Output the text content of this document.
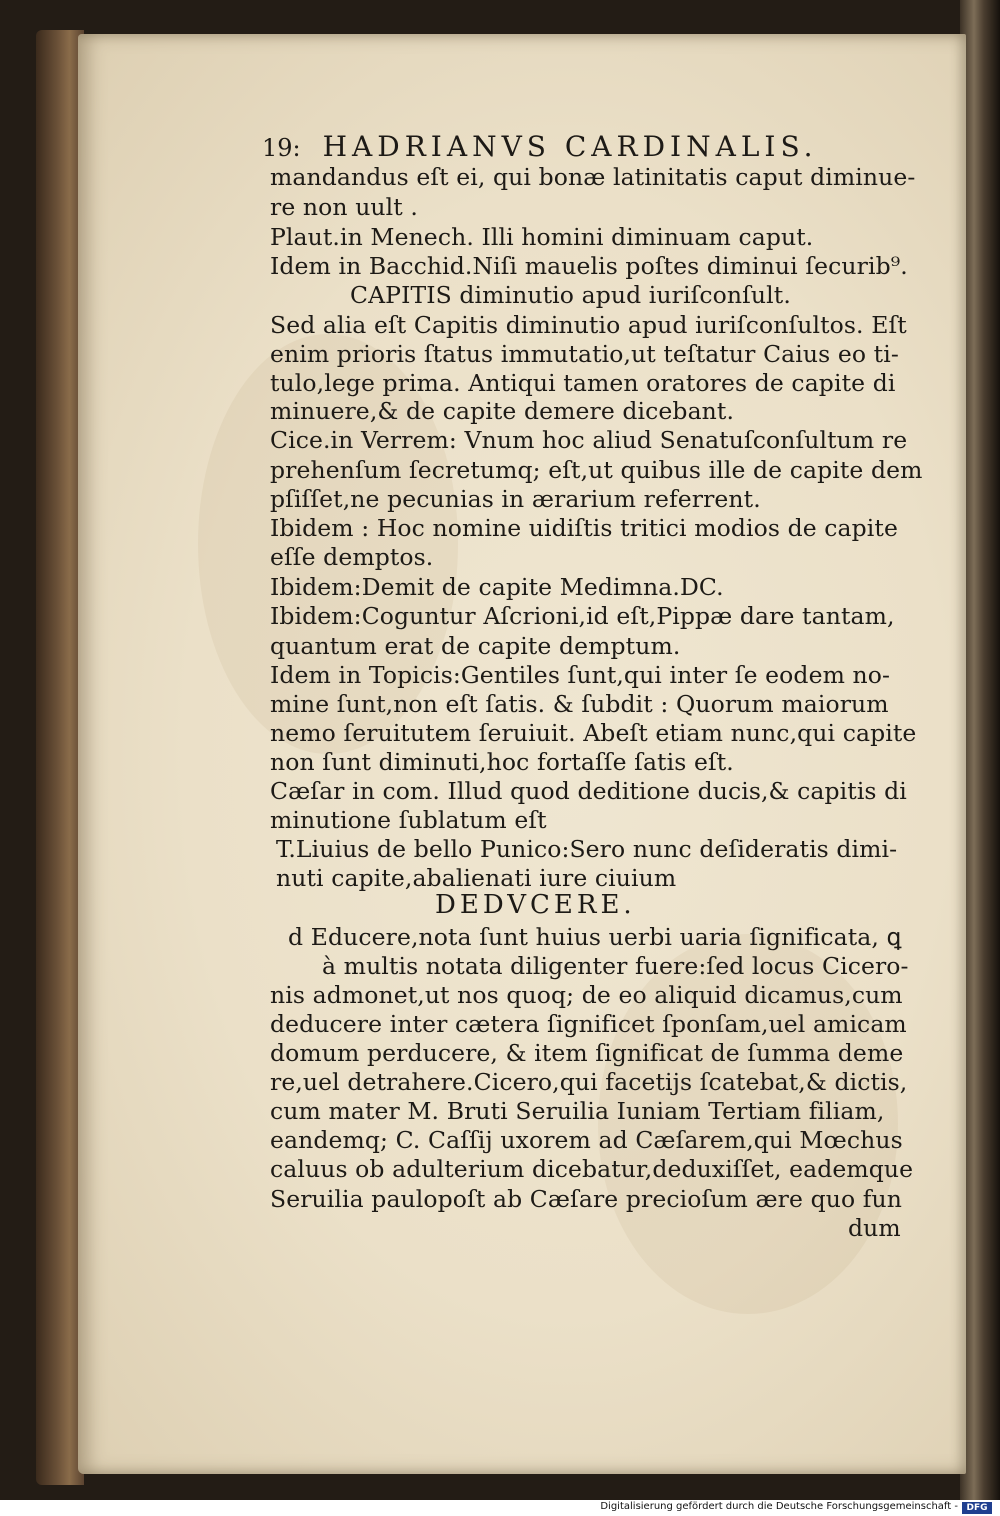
19: HADRIANVS CARDINALIS.
mandandus eſt ei, qui bonæ latinitatis caput diminue-
re non uult .
Plaut.in Menech. Illi homini diminuam caput.
Idem in Bacchid.Niſi mauelis poſtes diminui ſecurib⁹.
CAPITIS diminutio apud iuriſconſult.
Sed alia eſt Capitis diminutio apud iuriſconſultos. Eſt
enim prioris ſtatus immutatio,ut teſtatur Caius eo ti-
tulo,lege prima. Antiqui tamen oratores de capite di
minuere,& de capite demere dicebant.
Cice.in Verrem: Vnum hoc aliud Senatuſconſultum re
prehenſum ſecretumq; eſt,ut quibus ille de capite dem
pſiſſet,ne pecunias in ærarium referrent.
Ibidem : Hoc nomine uidiſtis tritici modios de capite
eſſe demptos.
Ibidem:Demit de capite Medimna.DC.
Ibidem:Coguntur Aſcrioni,id eſt,Pippæ dare tantam,
quantum erat de capite demptum.
Idem in Topicis:Gentiles ſunt,qui inter ſe eodem no-
mine ſunt,non eſt ſatis. & ſubdit : Quorum maiorum
nemo ſeruitutem ſeruiuit. Abeſt etiam nunc,qui capite
non ſunt diminuti,hoc fortaſſe ſatis eſt.
Cæſar in com. Illud quod deditione ducis,& capitis di
minutione ſublatum eſt
T.Liuius de bello Punico:Sero nunc deſideratis dimi-
nuti capite,abalienati iure ciuium
DEDVCERE.
d Educere,nota ſunt huius uerbi uaria ſignificata, ꝗ
à multis notata diligenter fuere:ſed locus Cicero-
nis admonet,ut nos quoq; de eo aliquid dicamus,cum
deducere inter cætera ſignificet ſponſam,uel amicam
domum perducere, & item ſignificat de ſumma deme
re,uel detrahere.Cicero,qui facetijs ſcatebat,& dictis,
cum mater M. Bruti Seruilia Iuniam Tertiam filiam,
eandemq; C. Caſſij uxorem ad Cæſarem,qui Mœchus
caluus ob adulterium dicebatur,deduxiſſet, eademque
Seruilia paulopoſt ab Cæſare precioſum ære quo fun
dum
Digitalisierung gefördert durch die Deutsche Forschungsgemeinschaft - DFG
